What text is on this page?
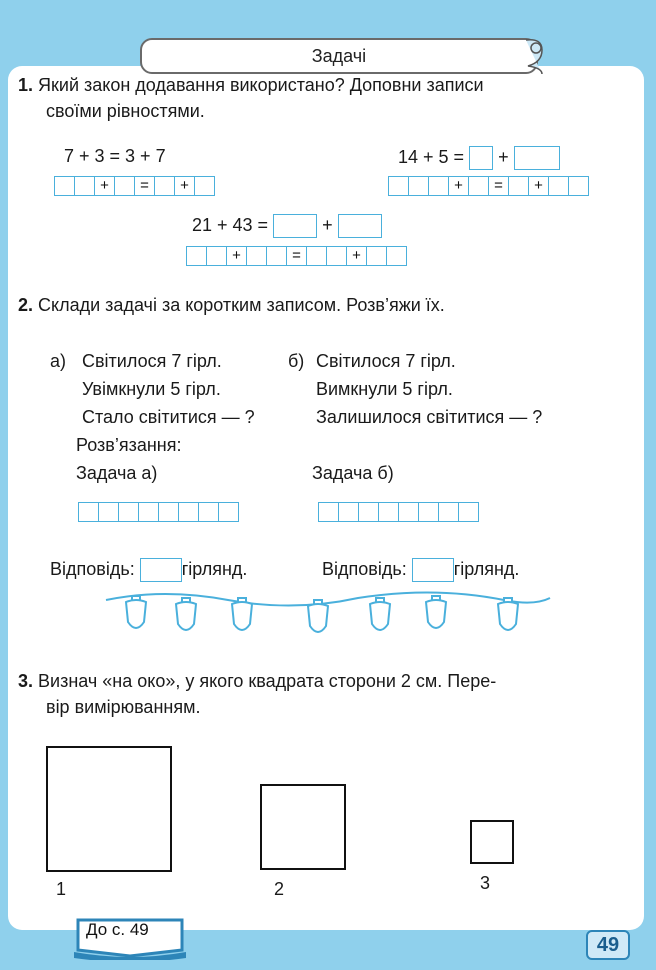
Задачі
1. Який закон додавання використано? Доповни записи
своїми рівностями.
7 + 3 = 3 + 7
+	=	+
14 + 5 = +
+	=	+
21 + 43 =	+
+	=	+
2. Склади задачі за коротким записом. Розв’яжи їх.
а) Світилося 7 гірл.
Увімкнули 5 гірл.
Стало світитися — ?
б) Світилося 7 гірл.
Вимкнули 5 гірл.
Залишилося світитися — ?
Розв’язання:
Задача а)	Задача б)
Відповідь:	гірлянд.	Відповідь:	гірлянд.
3. Визнач «на око», у якого квадрата сторони 2 см. Пере-
вір вимірюванням.
1	2	3
До с. 49
49
